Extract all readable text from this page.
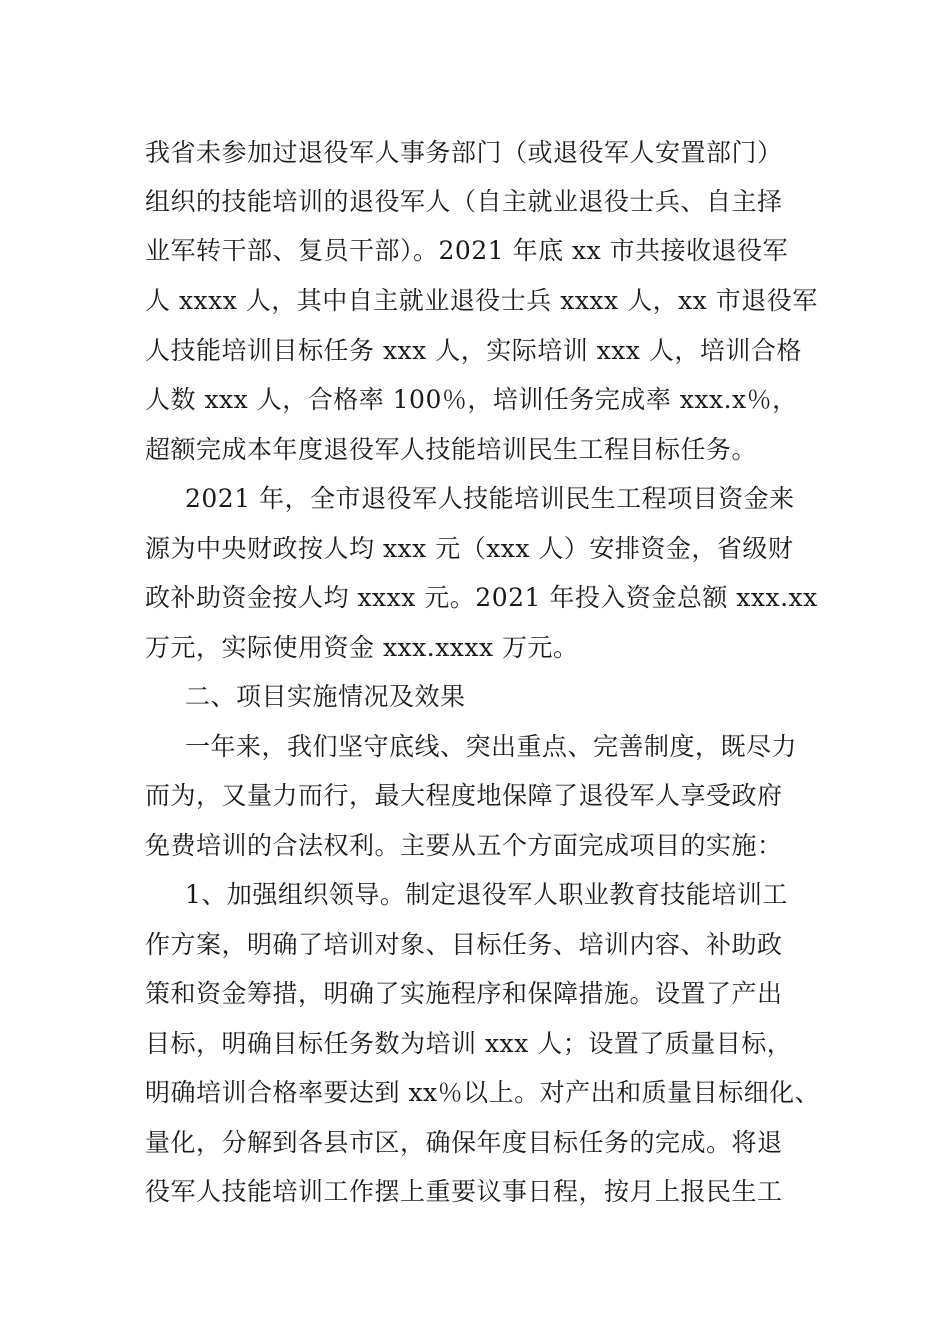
我省未参加过退役军人事务部门（或退役军人安置部门）
组织的技能培训的退役军人（自主就业退役士兵、自主择
业军转干部、复员干部）。2021 年底 xx 市共接收退役军
人 xxxx 人，其中自主就业退役士兵 xxxx 人，xx 市退役军
人技能培训目标任务 xxx 人，实际培训 xxx 人，培训合格
人数 xxx 人，合格率 100％，培训任务完成率 xxx.x％，
超额完成本年度退役军人技能培训民生工程目标任务。
2021 年，全市退役军人技能培训民生工程项目资金来
源为中央财政按人均 xxx 元（xxx 人）安排资金，省级财
政补助资金按人均 xxxx 元。2021 年投入资金总额 xxx.xx
万元，实际使用资金 xxx.xxxx 万元。
二、项目实施情况及效果
一年来，我们坚守底线、突出重点、完善制度，既尽力
而为，又量力而行，最大程度地保障了退役军人享受政府
免费培训的合法权利。主要从五个方面完成项目的实施：
1、加强组织领导。制定退役军人职业教育技能培训工
作方案，明确了培训对象、目标任务、培训内容、补助政
策和资金筹措，明确了实施程序和保障措施。设置了产出
目标，明确目标任务数为培训 xxx 人；设置了质量目标，
明确培训合格率要达到 xx％以上。对产出和质量目标细化、
量化，分解到各县市区，确保年度目标任务的完成。将退
役军人技能培训工作摆上重要议事日程，按月上报民生工
